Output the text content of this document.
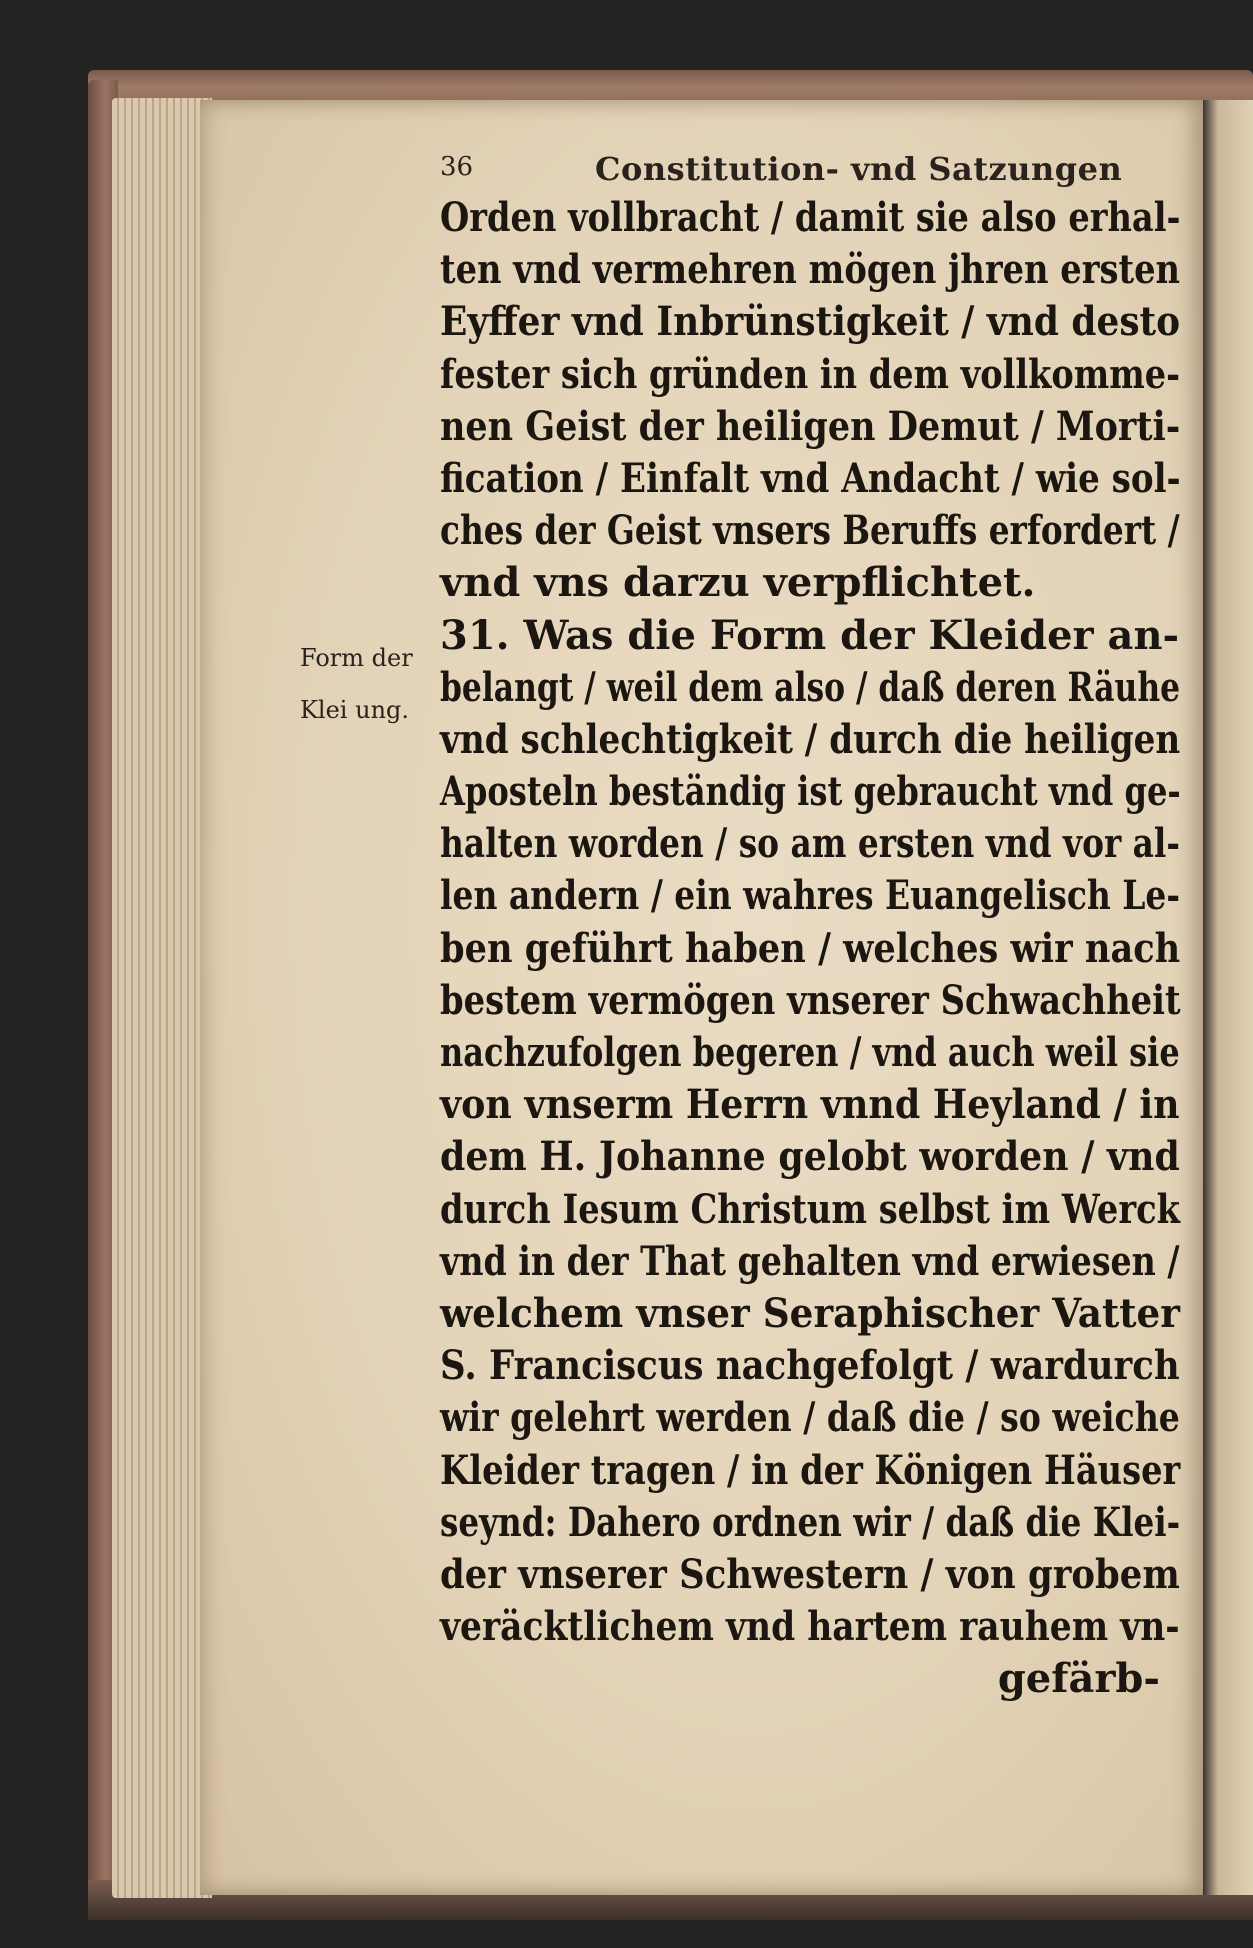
36	Constitution- vnd Satzungen
Form der
Klei ung.
Orden vollbracht / damit sie also erhal-
ten vnd vermehren mögen jhren ersten
Eyffer vnd Inbrünstigkeit / vnd desto
fester sich gründen in dem vollkomme-
nen Geist der heiligen Demut / Morti-
fication / Einfalt vnd Andacht / wie sol-
ches der Geist vnsers Beruffs erfordert /
vnd vns darzu verpflichtet.
31. Was die Form der Kleider an-
belangt / weil dem also / daß deren Räuhe
vnd schlechtigkeit / durch die heiligen
Aposteln beständig ist gebraucht vnd ge-
halten worden / so am ersten vnd vor al-
len andern / ein wahres Euangelisch Le-
ben geführt haben / welches wir nach
bestem vermögen vnserer Schwachheit
nachzufolgen begeren / vnd auch weil sie
von vnserm Herrn vnnd Heyland / in
dem H. Johanne gelobt worden / vnd
durch Iesum Christum selbst im Werck
vnd in der That gehalten vnd erwiesen /
welchem vnser Seraphischer Vatter
S. Franciscus nachgefolgt / wardurch
wir gelehrt werden / daß die / so weiche
Kleider tragen / in der Königen Häuser
seynd: Dahero ordnen wir / daß die Klei-
der vnserer Schwestern / von grobem
veräcktlichem vnd hartem rauhem vn-
gefärb-
